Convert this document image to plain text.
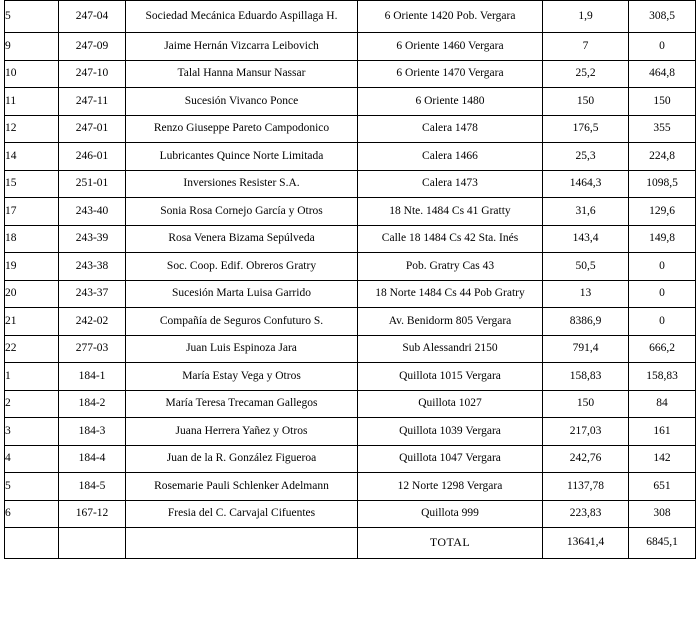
5	247-04	Sociedad Mecánica Eduardo Aspillaga H.	6 Oriente 1420 Pob. Vergara	1,9	308,5
9	247-09	Jaime Hernán Vizcarra Leibovich	6 Oriente 1460 Vergara	7	0
10	247-10	Talal Hanna Mansur Nassar	6 Oriente 1470 Vergara	25,2	464,8
11	247-11	Sucesión Vivanco Ponce	6 Oriente 1480	150	150
12	247-01	Renzo Giuseppe Pareto Campodonico	Calera 1478	176,5	355
14	246-01	Lubricantes Quince Norte Limitada	Calera 1466	25,3	224,8
15	251-01	Inversiones Resister S.A.	Calera 1473	1464,3	1098,5
17	243-40	Sonia Rosa Cornejo García y Otros	18 Nte. 1484 Cs 41 Gratty	31,6	129,6
18	243-39	Rosa Venera Bizama Sepúlveda	Calle 18 1484 Cs 42 Sta. Inés	143,4	149,8
19	243-38	Soc. Coop. Edif. Obreros Gratry	Pob. Gratry Cas 43	50,5	0
20	243-37	Sucesión Marta Luisa Garrido	18 Norte 1484 Cs 44 Pob Gratry	13	0
21	242-02	Compañía de Seguros Confuturo S.	Av. Benidorm 805 Vergara	8386,9	0
22	277-03	Juan Luis Espinoza Jara	Sub Alessandri 2150	791,4	666,2
1	184-1	María Estay Vega y Otros	Quillota 1015 Vergara	158,83	158,83
2	184-2	María Teresa Trecaman Gallegos	Quillota 1027	150	84
3	184-3	Juana Herrera Yañez y Otros	Quillota 1039 Vergara	217,03	161
4	184-4	Juan de la R. González Figueroa	Quillota 1047 Vergara	242,76	142
5	184-5	Rosemarie Pauli Schlenker Adelmann	12 Norte 1298 Vergara	1137,78	651
6	167-12	Fresia del C. Carvajal Cifuentes	Quillota 999	223,83	308
			TOTAL	13641,4	6845,1
